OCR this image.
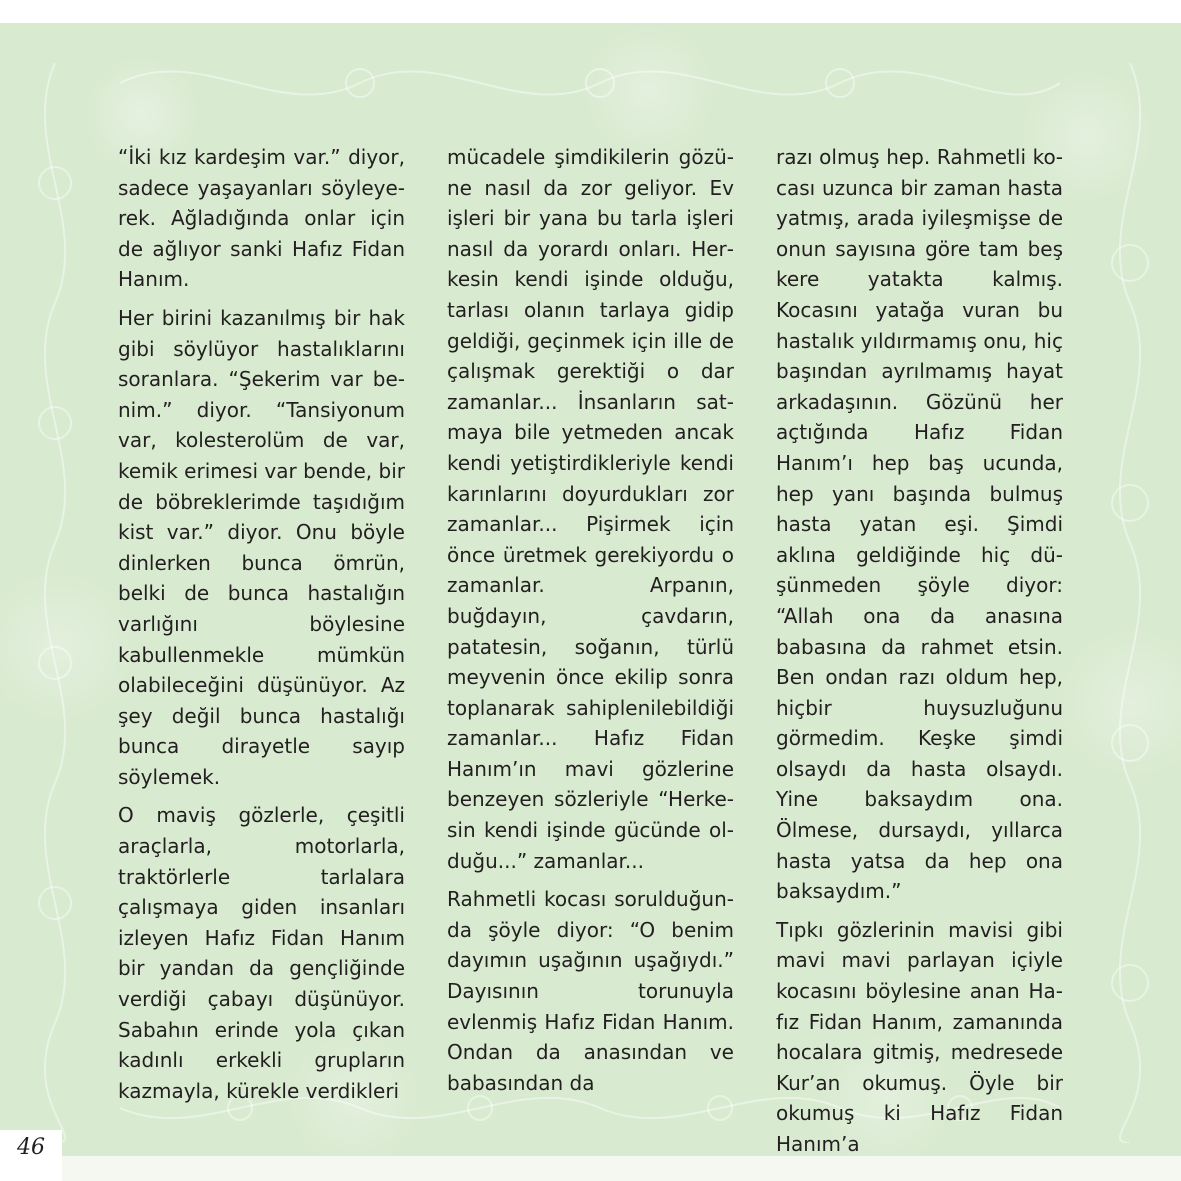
“İki kız kardeşim var.” diyor, sadece yaşayanları söyleyerek. Ağladığında onlar için de ağlıyor sanki Hafız Fidan Hanım.

Her birini kazanılmış bir hak gibi söylüyor hastalıklarını soranlara. “Şekerim var benim.” diyor. “Tansiyonum var, kolesterolüm de var, kemik erimesi var bende, bir de böbreklerimde taşıdığım kist var.” diyor. Onu böyle dinlerken bunca ömrün, belki de bunca hastalığın varlığını böylesine kabullenmekle mümkün olabileceğini düşünüyor. Az şey değil bunca hastalığı bunca dirayetle sayıp söylemek.

O maviş gözlerle, çeşitli araçlarla, motorlarla, traktörlerle tarlalara çalışmaya giden insanları izleyen Hafız Fidan Hanım bir yandan da gençliğinde verdiği çabayı düşünüyor. Sabahın erinde yola çıkan kadınlı erkekli grupların kazmayla, kürekle verdikleri

mücadele şimdikilerin gözüne nasıl da zor geliyor. Ev işleri bir yana bu tarla işleri nasıl da yorardı onları. Herkesin kendi işinde olduğu, tarlası olanın tarlaya gidip geldiği, geçinmek için ille de çalışmak gerektiği o dar zamanlar... İnsanların satmaya bile yetmeden ancak kendi yetiştirdikleriyle kendi karınlarını doyurdukları zor zamanlar... Pişirmek için önce üretmek gerekiyordu o zamanlar. Arpanın, buğdayın, çavdarın, patatesin, soğanın, türlü meyvenin önce ekilip sonra toplanarak sahiplenilebildiği zamanlar... Hafız Fidan Hanım’ın mavi gözlerine benzeyen sözleriyle “Herkesin kendi işinde gücünde olduğu...” zamanlar...

Rahmetli kocası sorulduğunda şöyle diyor: “O benim dayımın uşağının uşağıydı.” Dayısının torunuyla evlenmiş Hafız Fidan Hanım. Ondan da anasından ve babasından da

razı olmuş hep. Rahmetli kocası uzunca bir zaman hasta yatmış, arada iyileşmişse de onun sayısına göre tam beş kere yatakta kalmış. Kocasını yatağa vuran bu hastalık yıldırmamış onu, hiç başından ayrılmamış hayat arkadaşının. Gözünü her açtığında Hafız Fidan Hanım’ı hep baş ucunda, hep yanı başında bulmuş hasta yatan eşi. Şimdi aklına geldiğinde hiç düşünmeden şöyle diyor: “Allah ona da anasına babasına da rahmet etsin. Ben ondan razı oldum hep, hiçbir huysuzluğunu görmedim. Keşke şimdi olsaydı da hasta olsaydı. Yine baksaydım ona. Ölmese, dursaydı, yıllarca hasta yatsa da hep ona baksaydım.”

Tıpkı gözlerinin mavisi gibi mavi mavi parlayan içiyle kocasını böylesine anan Hafız Fidan Hanım, zamanında hocalara gitmiş, medresede Kur’an okumuş. Öyle bir okumuş ki Hafız Fidan Hanım’a

46
